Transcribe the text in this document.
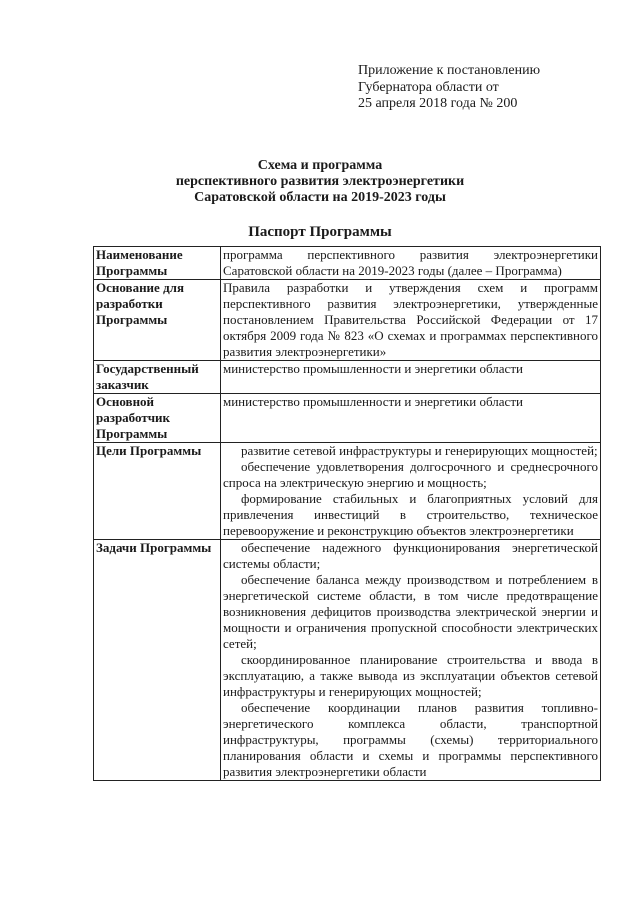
Приложение к постановлению
Губернатора области от
25 апреля 2018 года № 200
Схема и программа
перспективного развития электроэнергетики
Саратовской области на 2019-2023 годы
Паспорт Программы
Наименование Программы	программа перспективного развития электроэнергетики Саратовской области на 2019-2023 годы (далее – Программа)

Основание для разработки Программы	Правила разработки и утверждения схем и программ перспективного развития электроэнергетики, утвержденные постановлением Правительства Российской Федерации от 17 октября 2009 года № 823 «О схемах и программах перспективного развития электроэнергетики»

Государственный заказчик	министерство промышленности и энергетики области

Основной разработчик Программы	министерство промышленности и энергетики области

Цели Программы	развитие сетевой инфраструктуры и генерирующих мощностей;
обеспечение удовлетворения долгосрочного и среднесрочного спроса на электрическую энергию и мощность;
формирование стабильных и благоприятных условий для привлечения инвестиций в строительство, техническое перевооружение и реконструкцию объектов электроэнергетики

Задачи Программы	обеспечение надежного функционирования энергетической системы области;
обеспечение баланса между производством и потреблением в энергетической системе области, в том числе предотвращение возникновения дефицитов производства электрической энергии и мощности и ограничения пропускной способности электрических сетей;
скоординированное планирование строительства и ввода в эксплуатацию, а также вывода из эксплуатации объектов сетевой инфраструктуры и генерирующих мощностей;
обеспечение координации планов развития топливно-энергетического комплекса области, транспортной инфраструктуры, программы (схемы) территориального планирования области и схемы и программы перспективного развития электроэнергетики области
